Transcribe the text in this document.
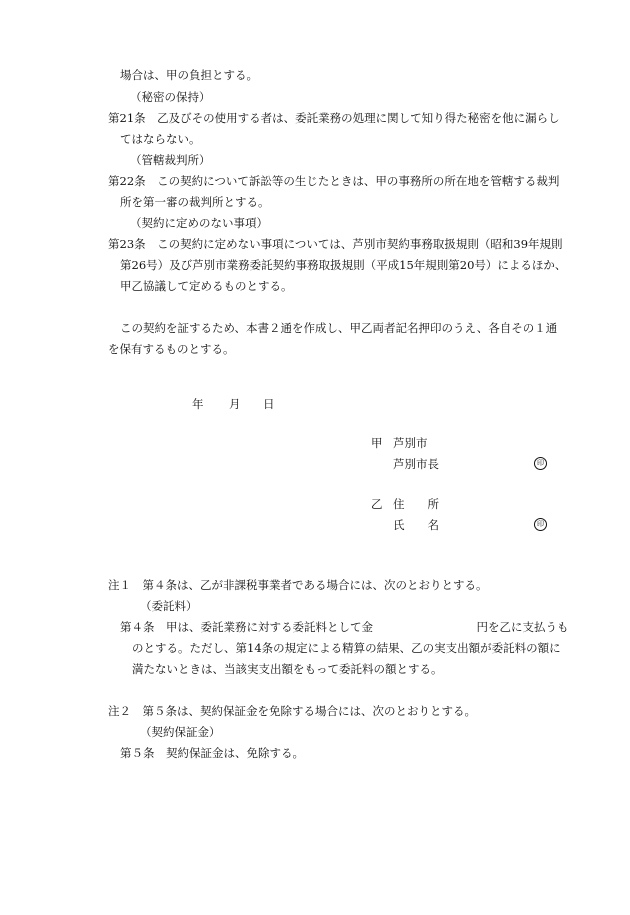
場合は、甲の負担とする。
（秘密の保持）
第21条　乙及びその使用する者は、委託業務の処理に関して知り得た秘密を他に漏らし
てはならない。
（管轄裁判所）
第22条　この契約について訴訟等の生じたときは、甲の事務所の所在地を管轄する裁判
所を第一審の裁判所とする。
（契約に定めのない事項）
第23条　この契約に定めない事項については、芦別市契約事務取扱規則（昭和39年規則
第26号）及び芦別市業務委託契約事務取扱規則（平成15年規則第20号）によるほか、
甲乙協議して定めるものとする。
この契約を証するため、本書２通を作成し、甲乙両者記名押印のうえ、各自その１通
を保有するものとする。
年 月 日
甲 芦別市
芦別市長	印
乙 住　　所
氏　　名	印
注１　第４条は、乙が非課税事業者である場合には、次のとおりとする。
（委託料）
第４条　甲は、委託業務に対する委託料として金　　　　　　　　　円を乙に支払うも
のとする。ただし、第14条の規定による精算の結果、乙の実支出額が委託料の額に
満たないときは、当該実支出額をもって委託料の額とする。
注２　第５条は、契約保証金を免除する場合には、次のとおりとする。
（契約保証金）
第５条　契約保証金は、免除する。
